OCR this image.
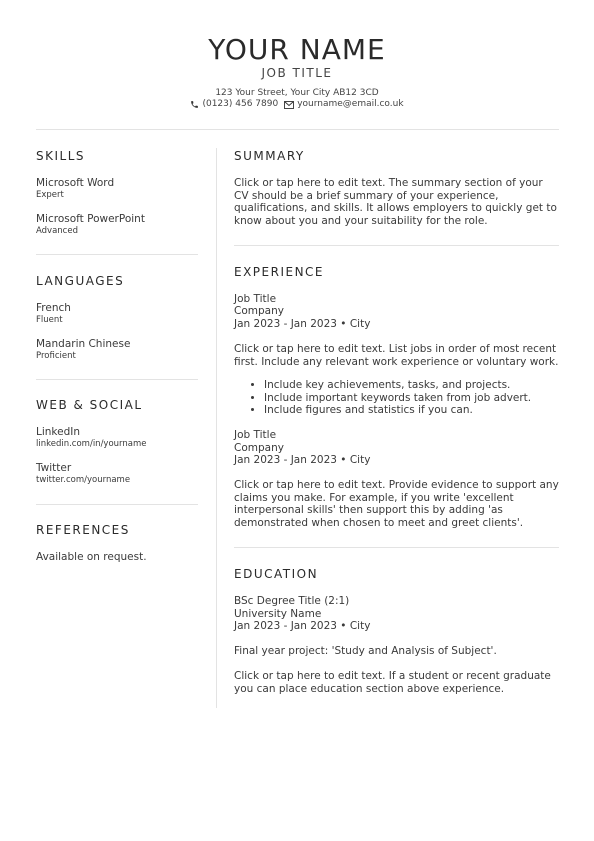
YOUR NAME
JOB TITLE
123 Your Street, Your City AB12 3CD
(0123) 456 7890 yourname@email.co.uk
SKILLS
Microsoft Word
Expert
Microsoft PowerPoint
Advanced
LANGUAGES
French
Fluent
Mandarin Chinese
Proficient
WEB & SOCIAL
LinkedIn
linkedin.com/in/yourname
Twitter
twitter.com/yourname
REFERENCES
Available on request.
SUMMARY
Click or tap here to edit text. The summary section of your CV should be a brief summary of your experience, qualifications, and skills. It allows employers to quickly get to know about you and your suitability for the role.
EXPERIENCE
Job Title
Company
Jan 2023 - Jan 2023 • City
Click or tap here to edit text. List jobs in order of most recent first. Include any relevant work experience or voluntary work.
• Include key achievements, tasks, and projects.
• Include important keywords taken from job advert.
• Include figures and statistics if you can.
Job Title
Company
Jan 2023 - Jan 2023 • City
Click or tap here to edit text. Provide evidence to support any claims you make. For example, if you write 'excellent interpersonal skills' then support this by adding 'as demonstrated when chosen to meet and greet clients'.
EDUCATION
BSc Degree Title (2:1)
University Name
Jan 2023 - Jan 2023 • City
Final year project: 'Study and Analysis of Subject'.
Click or tap here to edit text. If a student or recent graduate you can place education section above experience.
